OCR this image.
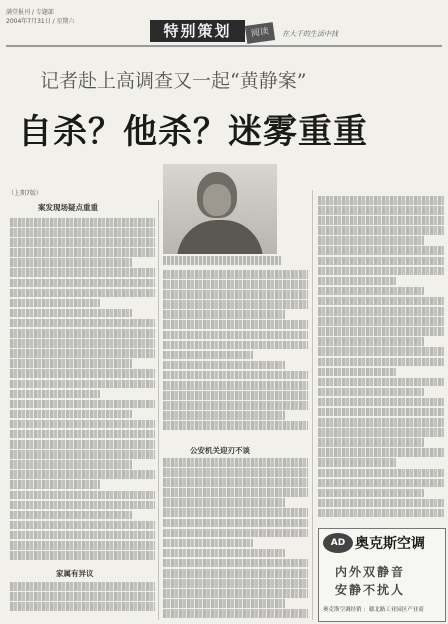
满堂报刊 / 专题部
2004年7月31日 / 星期六
特别策划	阅读	在大千的生活中找
记者赴上高调查又一起“黄静案”
自杀？他杀？迷雾重重
（上期7版）
案发现场疑点重重
公安机关迎刃不谈
家属有异议
AD 奥克斯空调
内外双静音
安静不扰人
奥克斯空调经销 ：赣北路工业园区产业商
